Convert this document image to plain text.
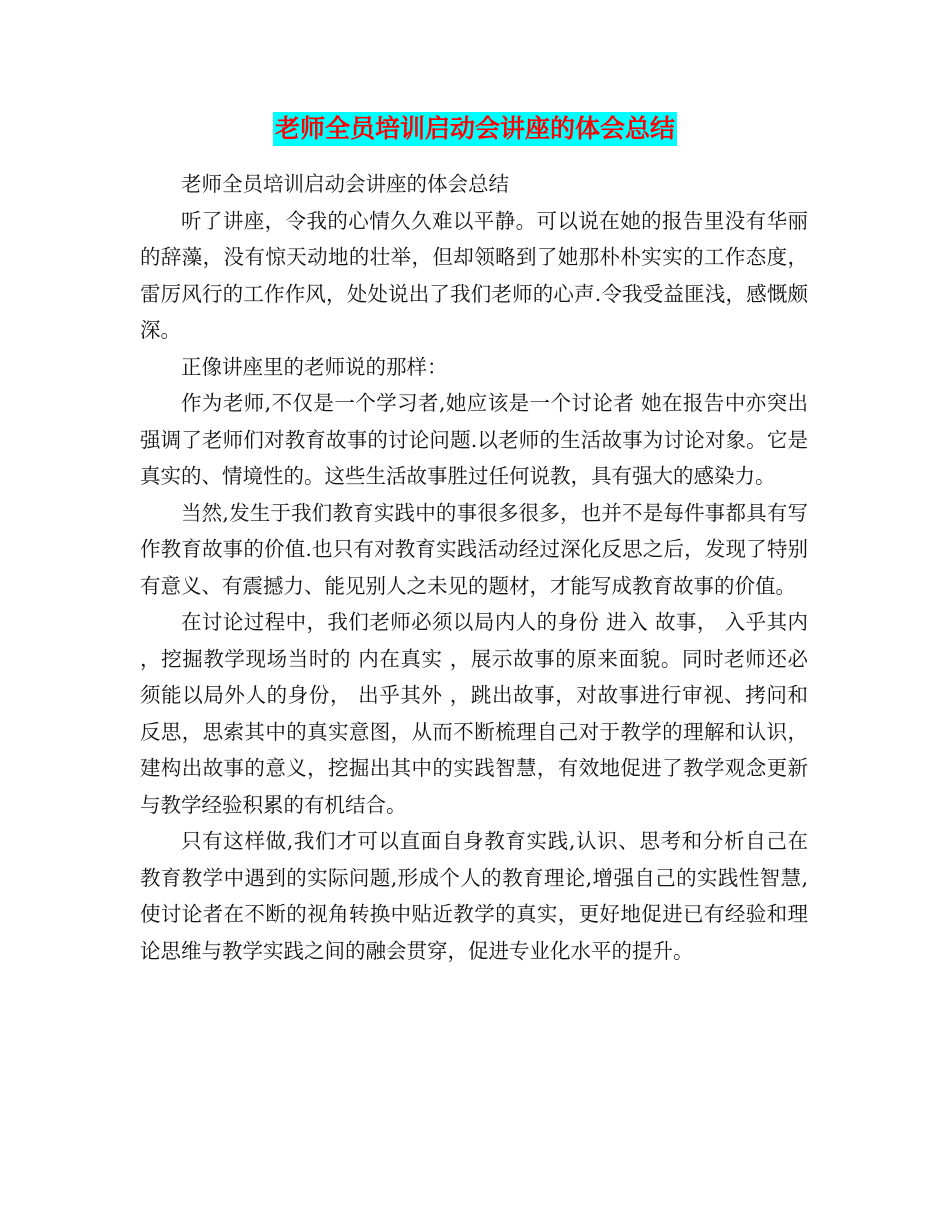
老师全员培训启动会讲座的体会总结

老师全员培训启动会讲座的体会总结

听了讲座，令我的心情久久难以平静。可以说在她的报告里没有华丽的辞藻，没有惊天动地的壮举，但却领略到了她那朴朴实实的工作态度，雷厉风行的工作作风，处处说出了我们老师的心声.令我受益匪浅，感慨颇深。

正像讲座里的老师说的那样：

作为老师,不仅是一个学习者,她应该是一个讨论者 她在报告中亦突出强调了老师们对教育故事的讨论问题.以老师的生活故事为讨论对象。它是真实的、情境性的。这些生活故事胜过任何说教，具有强大的感染力。

当然,发生于我们教育实践中的事很多很多，也并不是每件事都具有写作教育故事的价值.也只有对教育实践活动经过深化反思之后，发现了特别有意义、有震撼力、能见别人之未见的题材，才能写成教育故事的价值。

在讨论过程中，我们老师必须以局内人的身份 进入 故事， 入乎其内 ，挖掘教学现场当时的 内在真实 ，展示故事的原来面貌。同时老师还必须能以局外人的身份， 出乎其外 ，跳出故事，对故事进行审视、拷问和反思，思索其中的真实意图，从而不断梳理自己对于教学的理解和认识，建构出故事的意义，挖掘出其中的实践智慧，有效地促进了教学观念更新与教学经验积累的有机结合。

只有这样做,我们才可以直面自身教育实践,认识、思考和分析自己在教育教学中遇到的实际问题,形成个人的教育理论,增强自己的实践性智慧,使讨论者在不断的视角转换中贴近教学的真实，更好地促进已有经验和理论思维与教学实践之间的融会贯穿，促进专业化水平的提升。
